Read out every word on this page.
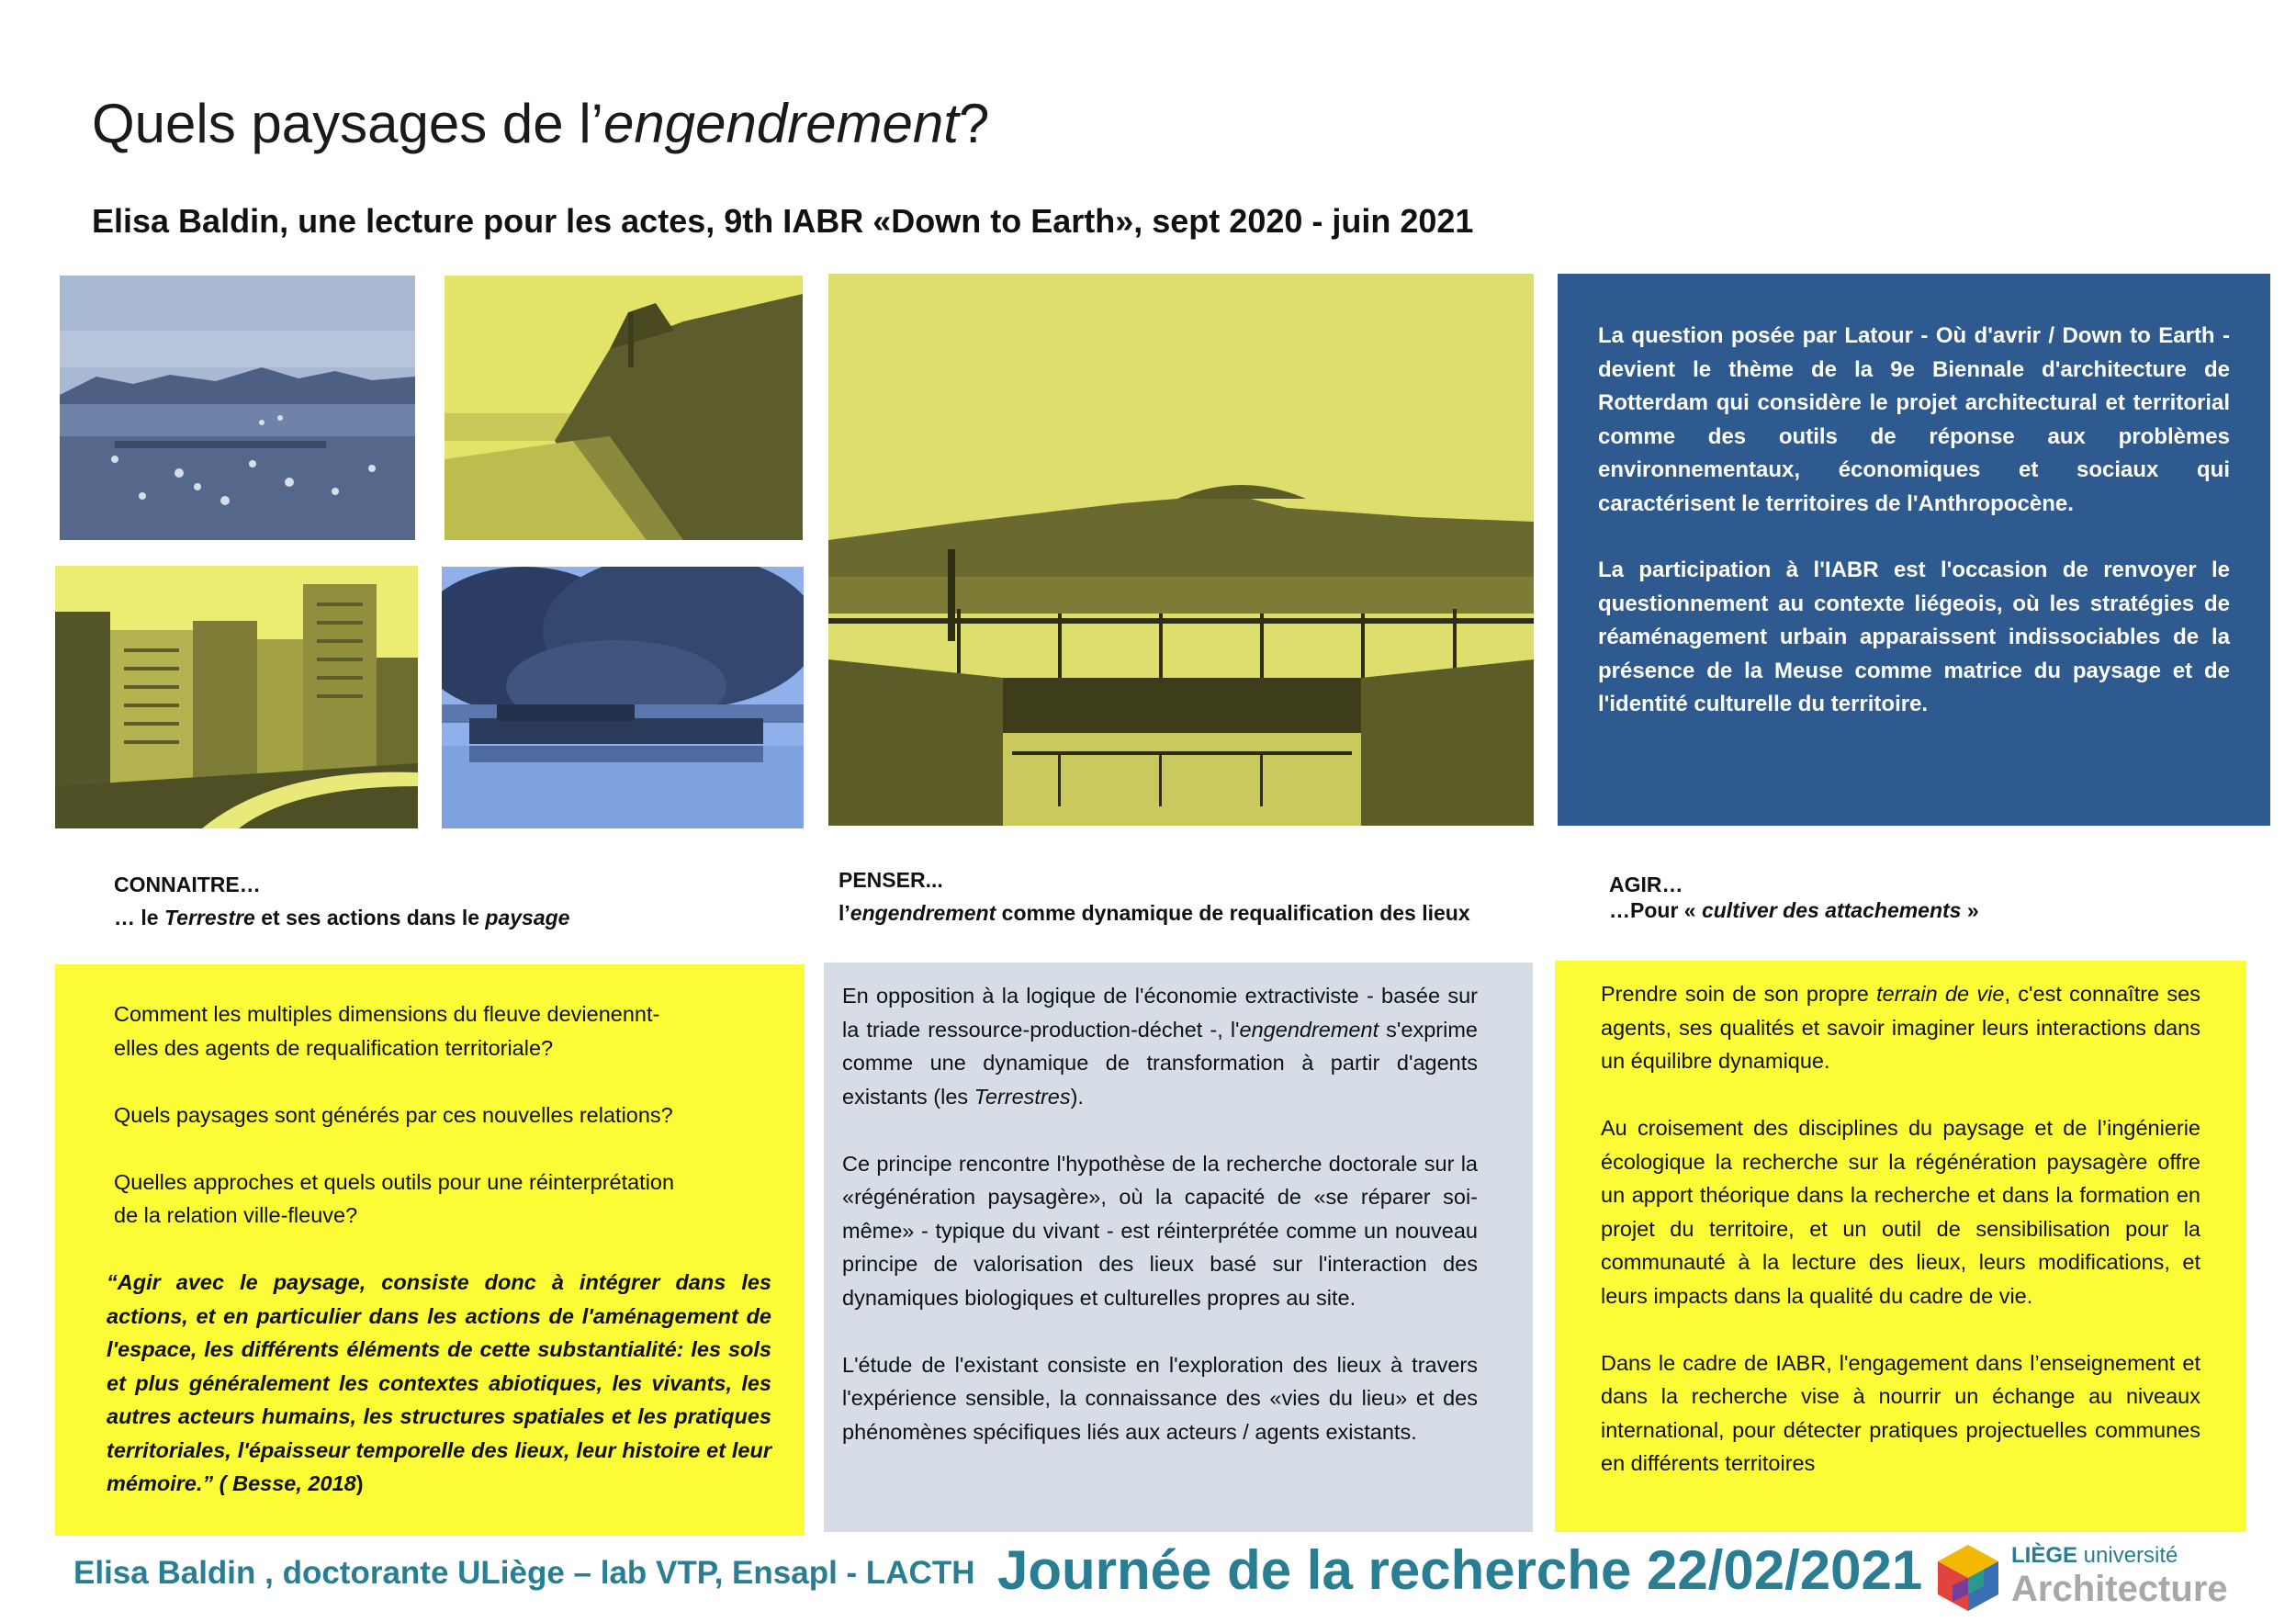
Quels paysages de l’engendrement?
Elisa Baldin, une lecture pour les actes, 9th IABR «Down to Earth», sept 2020 - juin 2021

La question posée par Latour - Où d'avrir / Down to Earth - devient le thème de la 9e Biennale d'architecture de Rotterdam qui considère le projet architectural et territorial comme des outils de réponse aux problèmes environnementaux, économiques et sociaux qui caractérisent le territoires de l'Anthropocène.

La participation à l'IABR est l'occasion de renvoyer le questionnement au contexte liégeois, où les stratégies de réaménagement urbain apparaissent indissociables de la présence de la Meuse comme matrice du paysage et de l'identité culturelle du territoire.

CONNAITRE…
… le Terrestre et ses actions dans le paysage
PENSER...
l’engendrement comme dynamique de requalification des lieux
AGIR…
…Pour « cultiver des attachements »
Comment les multiples dimensions du fleuve devienennt-elles des agents de requalification territoriale?
Quels paysages sont générés par ces nouvelles relations?
Quelles approches et quels outils pour une réinterprétation de la relation ville-fleuve?
“Agir avec le paysage, consiste donc à intégrer dans les actions, et en particulier dans les actions de l'aménagement de l'espace, les différents éléments de cette substantialité: les sols et plus généralement les contextes abiotiques, les vivants, les autres acteurs humains, les structures spatiales et les pratiques territoriales, l'épaisseur temporelle des lieux, leur histoire et leur mémoire.” ( Besse, 2018)

En opposition à la logique de l'économie extractiviste - basée sur la triade ressource-production-déchet -, l'engendrement s'exprime comme une dynamique de transformation à partir d'agents existants (les Terrestres).

Ce principe rencontre l'hypothèse de la recherche doctorale sur la «régénération paysagère», où la capacité de «se réparer soi-même» - typique du vivant - est réinterprétée comme un nouveau principe de valorisation des lieux basé sur l'interaction des dynamiques biologiques et culturelles propres au site.

L'étude de l'existant consiste en l'exploration des lieux à travers l'expérience sensible, la connaissance des «vies du lieu» et des phénomènes spécifiques liés aux acteurs / agents existants.

Prendre soin de son propre terrain de vie, c'est connaître ses agents, ses qualités et savoir imaginer leurs interactions dans un équilibre dynamique.

Au croisement des disciplines du paysage et de l’ingénierie écologique la recherche sur la régénération paysagère offre un apport théorique dans la recherche et dans la formation en projet du territoire, et un outil de sensibilisation pour la communauté à la lecture des lieux, leurs modifications, et leurs impacts dans la qualité du cadre de vie.

Dans le cadre de IABR, l'engagement dans l’enseignement et dans la recherche vise à nourrir un échange au niveaux international, pour détecter pratiques projectuelles communes en différents territoires

Elisa Baldin , doctorante ULiège – lab VTP, Ensapl - LACTH Journée de la recherche 22/02/2021	LIÈGE université
Architecture
